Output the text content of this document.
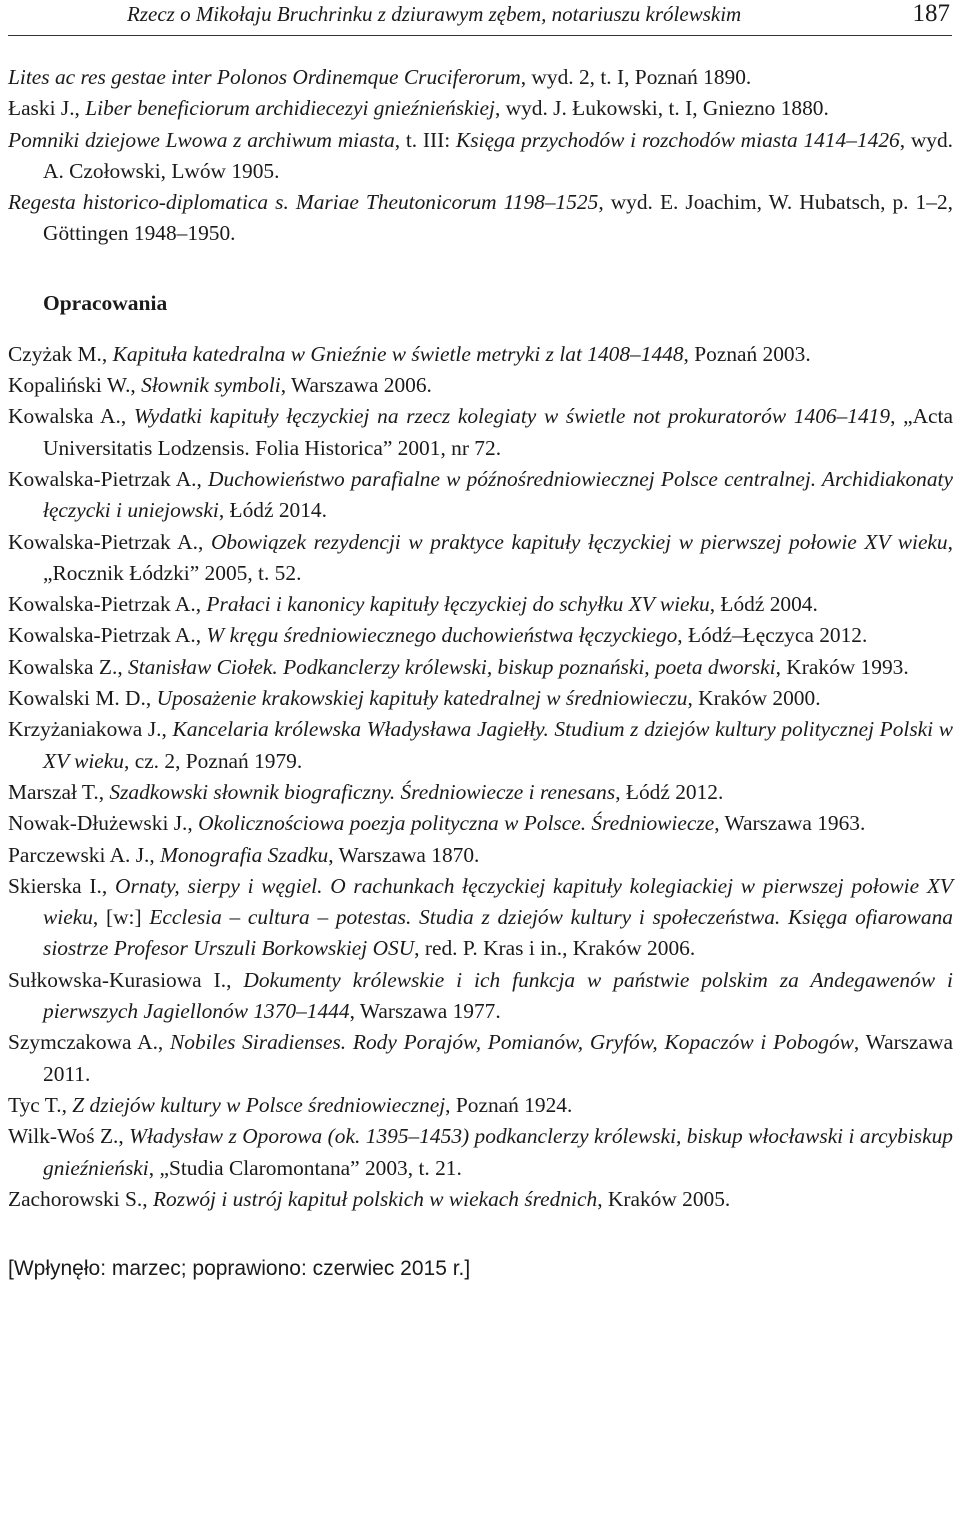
Rzecz o Mikołaju Bruchrinku z dziurawym zębem, notariuszu królewskim	187

Lites ac res gestae inter Polonos Ordinemque Cruciferorum, wyd. 2, t. I, Poznań 1890.

Łaski J., Liber beneficiorum archidiecezyi gnieźnieńskiej, wyd. J. Łukowski, t. I, Gniezno 1880.

Pomniki dziejowe Lwowa z archiwum miasta, t. III: Księga przychodów i rozchodów miasta 1414–1426, wyd. A. Czołowski, Lwów 1905.

Regesta historico-diplomatica s. Mariae Theutonicorum 1198–1525, wyd. E. Joachim, W. Hubatsch, p. 1–2, Göttingen 1948–1950.

Opracowania

Czyżak M., Kapituła katedralna w Gnieźnie w świetle metryki z lat 1408–1448, Poznań 2003.

Kopaliński W., Słownik symboli, Warszawa 2006.

Kowalska A., Wydatki kapituły łęczyckiej na rzecz kolegiaty w świetle not prokuratorów 1406–1419, „Acta Universitatis Lodzensis. Folia Historica” 2001, nr 72.

Kowalska-Pietrzak A., Duchowieństwo parafialne w późnośredniowiecznej Polsce centralnej. Archidiakonaty łęczycki i uniejowski, Łódź 2014.

Kowalska-Pietrzak A., Obowiązek rezydencji w praktyce kapituły łęczyckiej w pierwszej połowie XV wieku, „Rocznik Łódzki” 2005, t. 52.

Kowalska-Pietrzak A., Prałaci i kanonicy kapituły łęczyckiej do schyłku XV wieku, Łódź 2004.

Kowalska-Pietrzak A., W kręgu średniowiecznego duchowieństwa łęczyckiego, Łódź–Łęczyca 2012.

Kowalska Z., Stanisław Ciołek. Podkanclerzy królewski, biskup poznański, poeta dworski, Kraków 1993.

Kowalski M. D., Uposażenie krakowskiej kapituły katedralnej w średniowieczu, Kraków 2000.

Krzyżaniakowa J., Kancelaria królewska Władysława Jagiełły. Studium z dziejów kultury politycznej Polski w XV wieku, cz. 2, Poznań 1979.

Marszał T., Szadkowski słownik biograficzny. Średniowiecze i renesans, Łódź 2012.

Nowak-Dłużewski J., Okolicznościowa poezja polityczna w Polsce. Średniowiecze, Warszawa 1963.

Parczewski A. J., Monografia Szadku, Warszawa 1870.

Skierska I., Ornaty, sierpy i węgiel. O rachunkach łęczyckiej kapituły kolegiackiej w pierwszej połowie XV wieku, [w:] Ecclesia – cultura – potestas. Studia z dziejów kultury i społeczeństwa. Księga ofiarowana siostrze Profesor Urszuli Borkowskiej OSU, red. P. Kras i in., Kraków 2006.

Sułkowska-Kurasiowa I., Dokumenty królewskie i ich funkcja w państwie polskim za Andegawenów i pierwszych Jagiellonów 1370–1444, Warszawa 1977.

Szymczakowa A., Nobiles Siradienses. Rody Porajów, Pomianów, Gryfów, Kopaczów i Pobogów, Warszawa 2011.

Tyc T., Z dziejów kultury w Polsce średniowiecznej, Poznań 1924.

Wilk-Woś Z., Władysław z Oporowa (ok. 1395–1453) podkanclerzy królewski, biskup włocławski i arcybiskup gnieźnieński, „Studia Claromontana” 2003, t. 21.

Zachorowski S., Rozwój i ustrój kapituł polskich w wiekach średnich, Kraków 2005.

[Wpłynęło: marzec; poprawiono: czerwiec 2015 r.]
